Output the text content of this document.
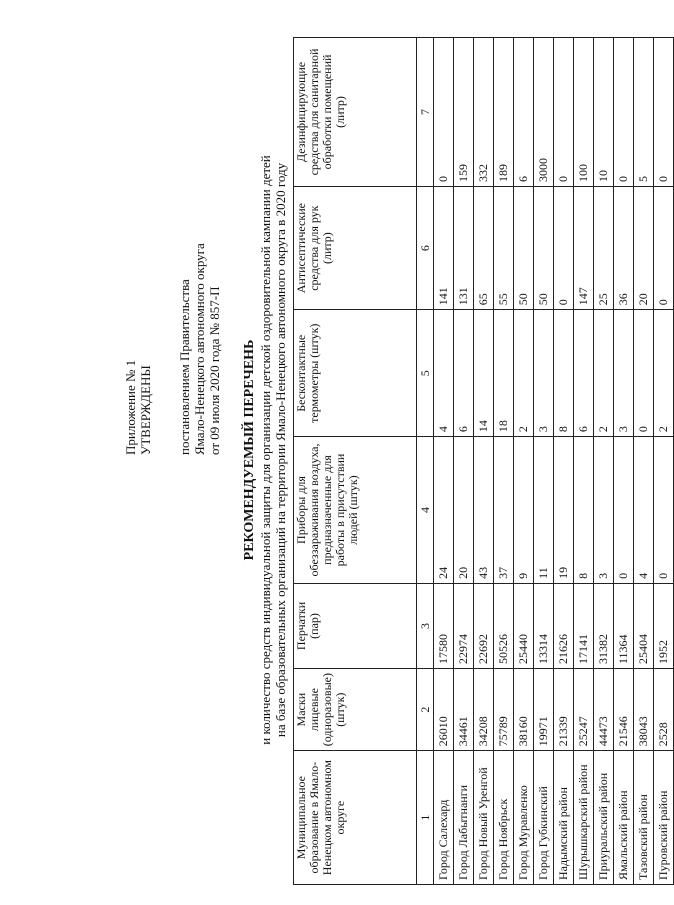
Приложение № 1 УТВЕРЖДЕНЫ постановлением Правительства Ямало-Ненецкого автономного округа от 09 июля 2020 года № 857-П РЕКОМЕНДУЕМЫЙ ПЕРЕЧЕНЬ и количество средств индивидуальной защиты для организации детской оздоровительной кампании детей на базе образовательных организаций на территории Ямало-Ненецкого автономного округа в 2020 году
Муниципальное образование в Ямало-Ненецком автономном округе	Маски лицевые (одноразовые) (штук)	Перчатки (пар)	Приборы для обеззараживания воздуха, предназначенные для работы в присутствии людей (штук)	Бесконтактные термометры (штук)	Антисептические средства для рук (литр)	Дезинфицирующие средства для санитарной обработки помещений (литр)
1	2	3	4	5	6	7
Город Салехард	26010	17580	24	4	141	0
Город Лабытнанги	34461	22974	20	6	131	159
Город Новый Уренгой	34208	22692	43	14	65	332
Город Ноябрьск	75789	50526	37	18	55	189
Город Муравленко	38160	25440	9	2	50	6
Город Губкинский	19971	13314	11	3	50	3000
Надымский район	21339	21626	19	8	0	0
Шурышкарский район	25247	17141	8	6	147	100
Приуральский район	44473	31382	3	2	25	10
Ямальский район	21546	11364	0	3	36	0
Тазовский район	38043	25404	4	0	20	5
Пуровский район	2528	1952	0	2	0	0
